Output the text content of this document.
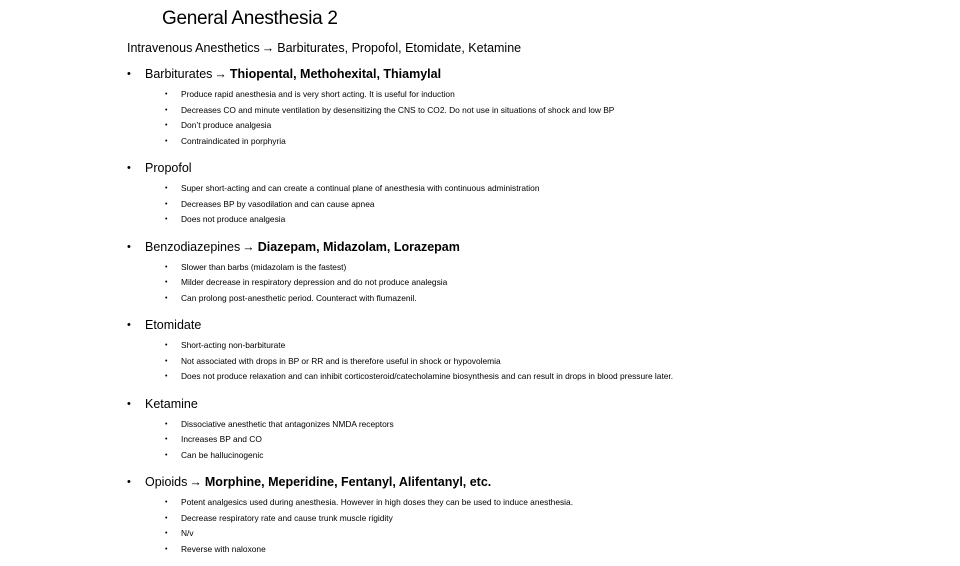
General Anesthesia 2
Intravenous Anesthetics → Barbiturates, Propofol, Etomidate, Ketamine
• Barbiturates → Thiopental, Methohexital, Thiamylal
• Produce rapid anesthesia and is very short acting. It is useful for induction
• Decreases CO and minute ventilation by desensitizing the CNS to CO2. Do not use in situations of shock and low BP
• Don’t produce analgesia
• Contraindicated in porphyria
• Propofol
• Super short-acting and can create a continual plane of anesthesia with continuous administration
• Decreases BP by vasodilation and can cause apnea
• Does not produce analgesia
• Benzodiazepines → Diazepam, Midazolam, Lorazepam
• Slower than barbs (midazolam is the fastest)
• Milder decrease in respiratory depression and do not produce analegsia
• Can prolong post-anesthetic period. Counteract with flumazenil.
• Etomidate
• Short-acting non-barbiturate
• Not associated with drops in BP or RR and is therefore useful in shock or hypovolemia
• Does not produce relaxation and can inhibit corticosteroid/catecholamine biosynthesis and can result in drops in blood pressure later.
• Ketamine
• Dissociative anesthetic that antagonizes NMDA receptors
• Increases BP and CO
• Can be hallucinogenic
• Opioids → Morphine, Meperidine, Fentanyl, Alifentanyl, etc.
• Potent analgesics used during anesthesia. However in high doses they can be used to induce anesthesia.
• Decrease respiratory rate and cause trunk muscle rigidity
• N/v
• Reverse with naloxone
